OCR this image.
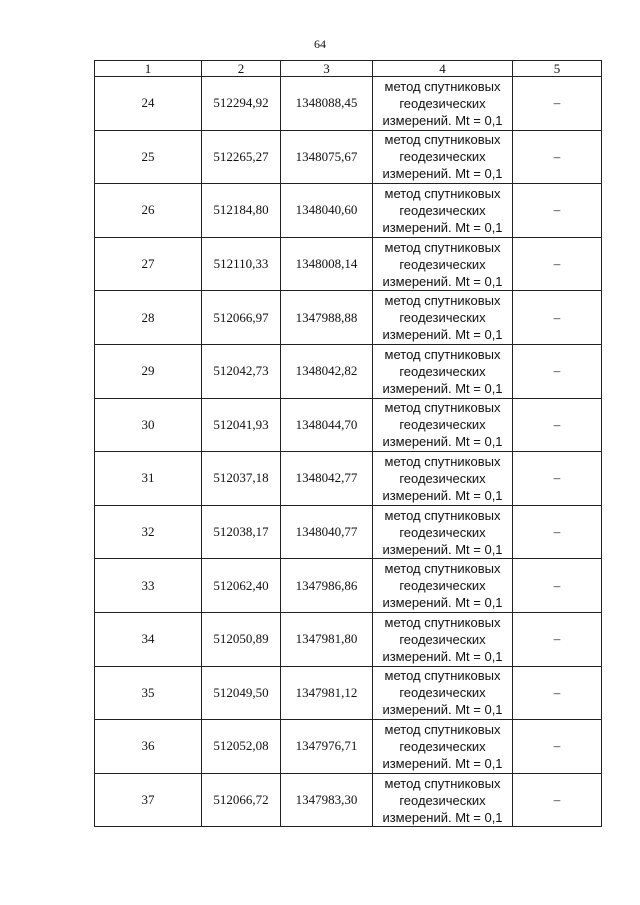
64
1	2	3	4	5
24	512294,92	1348088,45	метод спутниковых
геодезических
измерений. Mt = 0,1	–
25	512265,27	1348075,67	метод спутниковых
геодезических
измерений. Mt = 0,1	–
26	512184,80	1348040,60	метод спутниковых
геодезических
измерений. Mt = 0,1	–
27	512110,33	1348008,14	метод спутниковых
геодезических
измерений. Mt = 0,1	–
28	512066,97	1347988,88	метод спутниковых
геодезических
измерений. Mt = 0,1	–
29	512042,73	1348042,82	метод спутниковых
геодезических
измерений. Mt = 0,1	–
30	512041,93	1348044,70	метод спутниковых
геодезических
измерений. Mt = 0,1	–
31	512037,18	1348042,77	метод спутниковых
геодезических
измерений. Mt = 0,1	–
32	512038,17	1348040,77	метод спутниковых
геодезических
измерений. Mt = 0,1	–
33	512062,40	1347986,86	метод спутниковых
геодезических
измерений. Mt = 0,1	–
34	512050,89	1347981,80	метод спутниковых
геодезических
измерений. Mt = 0,1	–
35	512049,50	1347981,12	метод спутниковых
геодезических
измерений. Mt = 0,1	–
36	512052,08	1347976,71	метод спутниковых
геодезических
измерений. Mt = 0,1	–
37	512066,72	1347983,30	метод спутниковых
геодезических
измерений. Mt = 0,1	–
